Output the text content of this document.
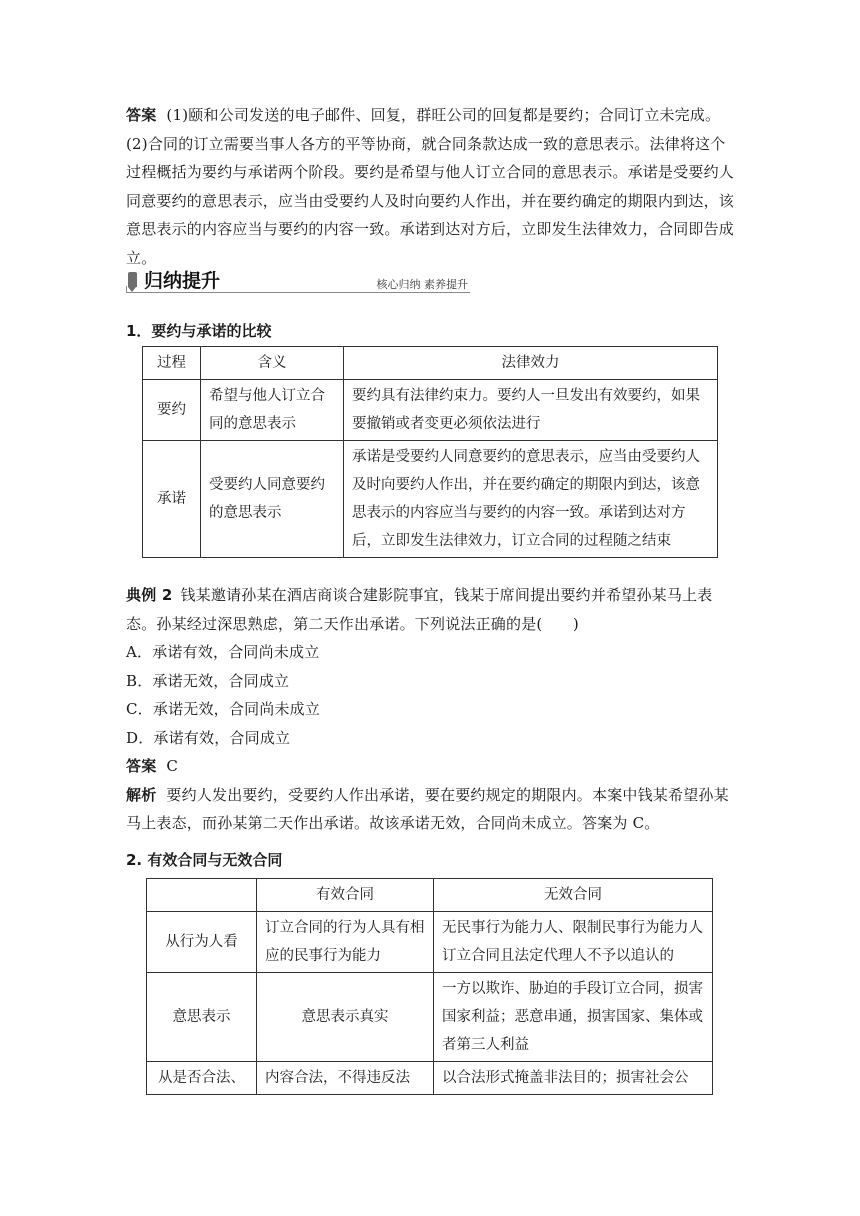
答案 (1)颐和公司发送的电子邮件、回复，群旺公司的回复都是要约；合同订立未完成。
(2)合同的订立需要当事人各方的平等协商，就合同条款达成一致的意思表示。法律将这个过程概括为要约与承诺两个阶段。要约是希望与他人订立合同的意思表示。承诺是受要约人同意要约的意思表示，应当由受要约人及时向要约人作出，并在要约确定的期限内到达，该意思表示的内容应当与要约的内容一致。承诺到达对方后，立即发生法律效力，合同即告成立。
归纳提升	核心归纳 素养提升
1．要约与承诺的比较
过程	含义	法律效力
要约	希望与他人订立合同的意思表示	要约具有法律约束力。要约人一旦发出有效要约，如果要撤销或者变更必须依法进行
承诺	受要约人同意要约的意思表示	承诺是受要约人同意要约的意思表示，应当由受要约人及时向要约人作出，并在要约确定的期限内到达，该意思表示的内容应当与要约的内容一致。承诺到达对方后，立即发生法律效力，订立合同的过程随之结束
典例 2 钱某邀请孙某在酒店商谈合建影院事宜，钱某于席间提出要约并希望孙某马上表态。孙某经过深思熟虑，第二天作出承诺。下列说法正确的是(　　)
A．承诺有效，合同尚未成立
B．承诺无效，合同成立
C．承诺无效，合同尚未成立
D．承诺有效，合同成立
答案 C
解析 要约人发出要约，受要约人作出承诺，要在要约规定的期限内。本案中钱某希望孙某马上表态，而孙某第二天作出承诺。故该承诺无效，合同尚未成立。答案为 C。
2. 有效合同与无效合同
	有效合同	无效合同
从行为人看	订立合同的行为人具有相应的民事行为能力	无民事行为能力人、限制民事行为能力人订立合同且法定代理人不予以追认的
意思表示	意思表示真实	一方以欺诈、胁迫的手段订立合同，损害国家利益；恶意串通，损害国家、集体或者第三人利益
从是否合法、	内容合法，不得违反法	以合法形式掩盖非法目的；损害社会公
